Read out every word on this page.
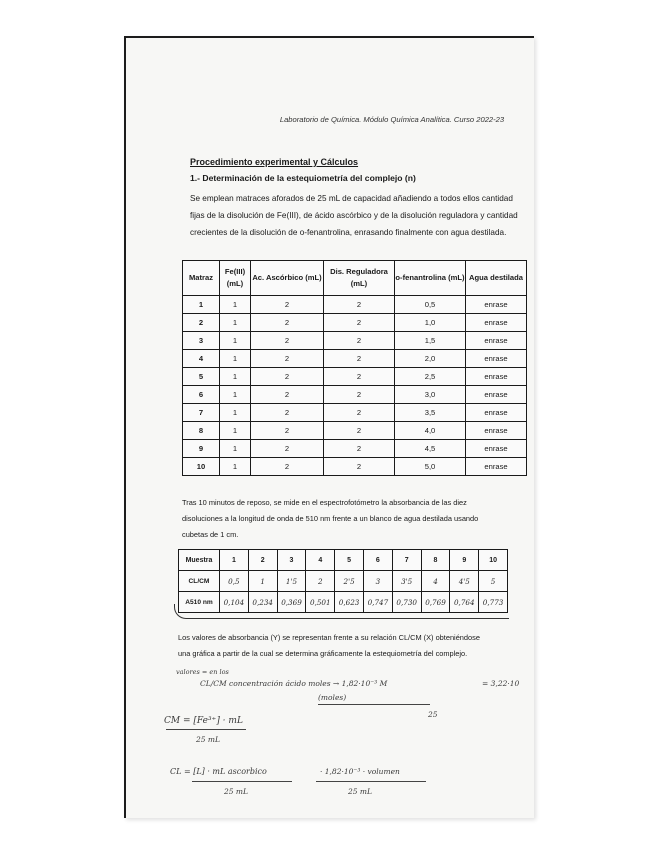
Laboratorio de Química. Módulo Química Analítica. Curso 2022-23
Procedimiento experimental y Cálculos
1.- Determinación de la estequiometría del complejo (n)

Se emplean matraces aforados de 25 mL de capacidad añadiendo a todos ellos cantidad

fijas de la disolución de Fe(III), de ácido ascórbico y de la disolución reguladora y cantidad

crecientes de la disolución de o-fenantrolina, enrasando finalmente con agua destilada.

Matraz	Fe(III) (mL)	Ac. Ascórbico (mL)	Dis. Reguladora (mL)	o-fenantrolina (mL)	Agua destilada
1	1	2	2	0,5	enrase
2	1	2	2	1,0	enrase
3	1	2	2	1,5	enrase
4	1	2	2	2,0	enrase
5	1	2	2	2,5	enrase
6	1	2	2	3,0	enrase
7	1	2	2	3,5	enrase
8	1	2	2	4,0	enrase
9	1	2	2	4,5	enrase
10	1	2	2	5,0	enrase

Tras 10 minutos de reposo, se mide en el espectrofotómetro la absorbancia de las diez

disoluciones a la longitud de onda de 510 nm frente a un blanco de agua destilada usando

cubetas de 1 cm.

Muestra	1	2	3	4	5	6	7	8	9	10
CL/CM	0,5	1	1'5	2	2'5	3	3'5	4	4'5	5
A510 nm	0,104	0,234	0,369	0,501	0,623	0,747	0,730	0,769	0,764	0,773

Los valores de absorbancia (Y) se representan frente a su relación CL/CM (X) obteniéndose

una gráfica a partir de la cual se determina gráficamente la estequiometría del complejo.

valores = en los
CL/CM concentración ácido moles → 1,82·10⁻³ M	= 3,22·10
(moles)
25
CM = [Fe³⁺] · mL
25 mL
CL = [L] · mL ascorbico
25 mL
· 1,82·10⁻³ · volumen
25 mL
